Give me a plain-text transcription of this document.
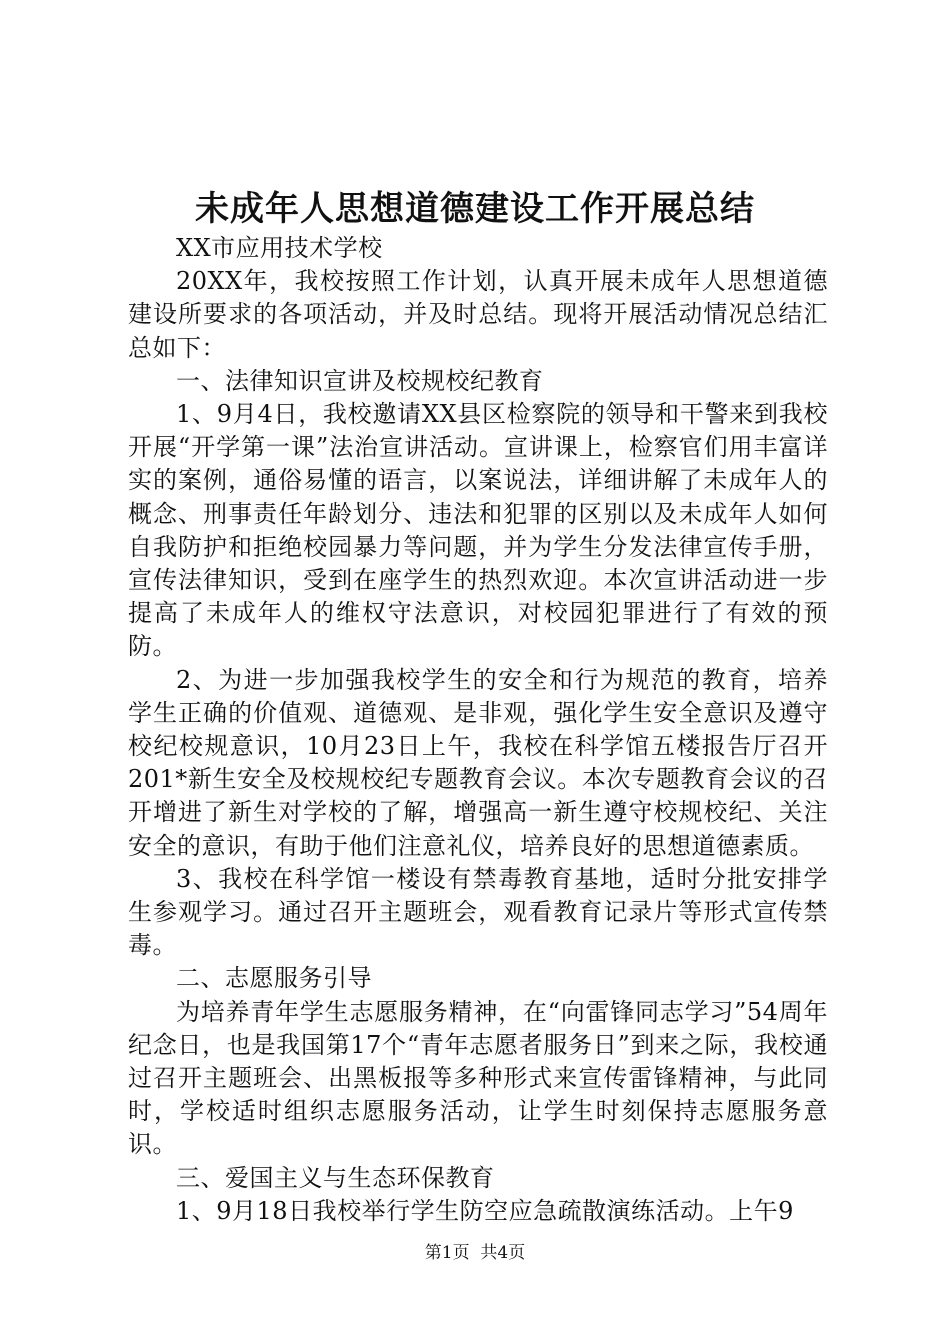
未成年人思想道德建设工作开展总结

XX市应用技术学校

20XX年，我校按照工作计划，认真开展未成年人思想道德建设所要求的各项活动，并及时总结。现将开展活动情况总结汇总如下：

一、法律知识宣讲及校规校纪教育

1、9月4日，我校邀请XX县区检察院的领导和干警来到我校开展“开学第一课”法治宣讲活动。宣讲课上，检察官们用丰富详实的案例，通俗易懂的语言，以案说法，详细讲解了未成年人的概念、刑事责任年龄划分、违法和犯罪的区别以及未成年人如何自我防护和拒绝校园暴力等问题，并为学生分发法律宣传手册，宣传法律知识，受到在座学生的热烈欢迎。本次宣讲活动进一步提高了未成年人的维权守法意识，对校园犯罪进行了有效的预防。

2、为进一步加强我校学生的安全和行为规范的教育，培养学生正确的价值观、道德观、是非观，强化学生安全意识及遵守校纪校规意识，10月23日上午，我校在科学馆五楼报告厅召开201*新生安全及校规校纪专题教育会议。本次专题教育会议的召开增进了新生对学校的了解，增强高一新生遵守校规校纪、关注安全的意识，有助于他们注意礼仪，培养良好的思想道德素质。

3、我校在科学馆一楼设有禁毒教育基地，适时分批安排学生参观学习。通过召开主题班会，观看教育记录片等形式宣传禁毒。

二、志愿服务引导

为培养青年学生志愿服务精神，在“向雷锋同志学习”54周年纪念日，也是我国第17个“青年志愿者服务日”到来之际，我校通过召开主题班会、出黑板报等多种形式来宣传雷锋精神，与此同时，学校适时组织志愿服务活动，让学生时刻保持志愿服务意识。

三、爱国主义与生态环保教育

1、9月18日我校举行学生防空应急疏散演练活动。上午9

第1页 共4页
